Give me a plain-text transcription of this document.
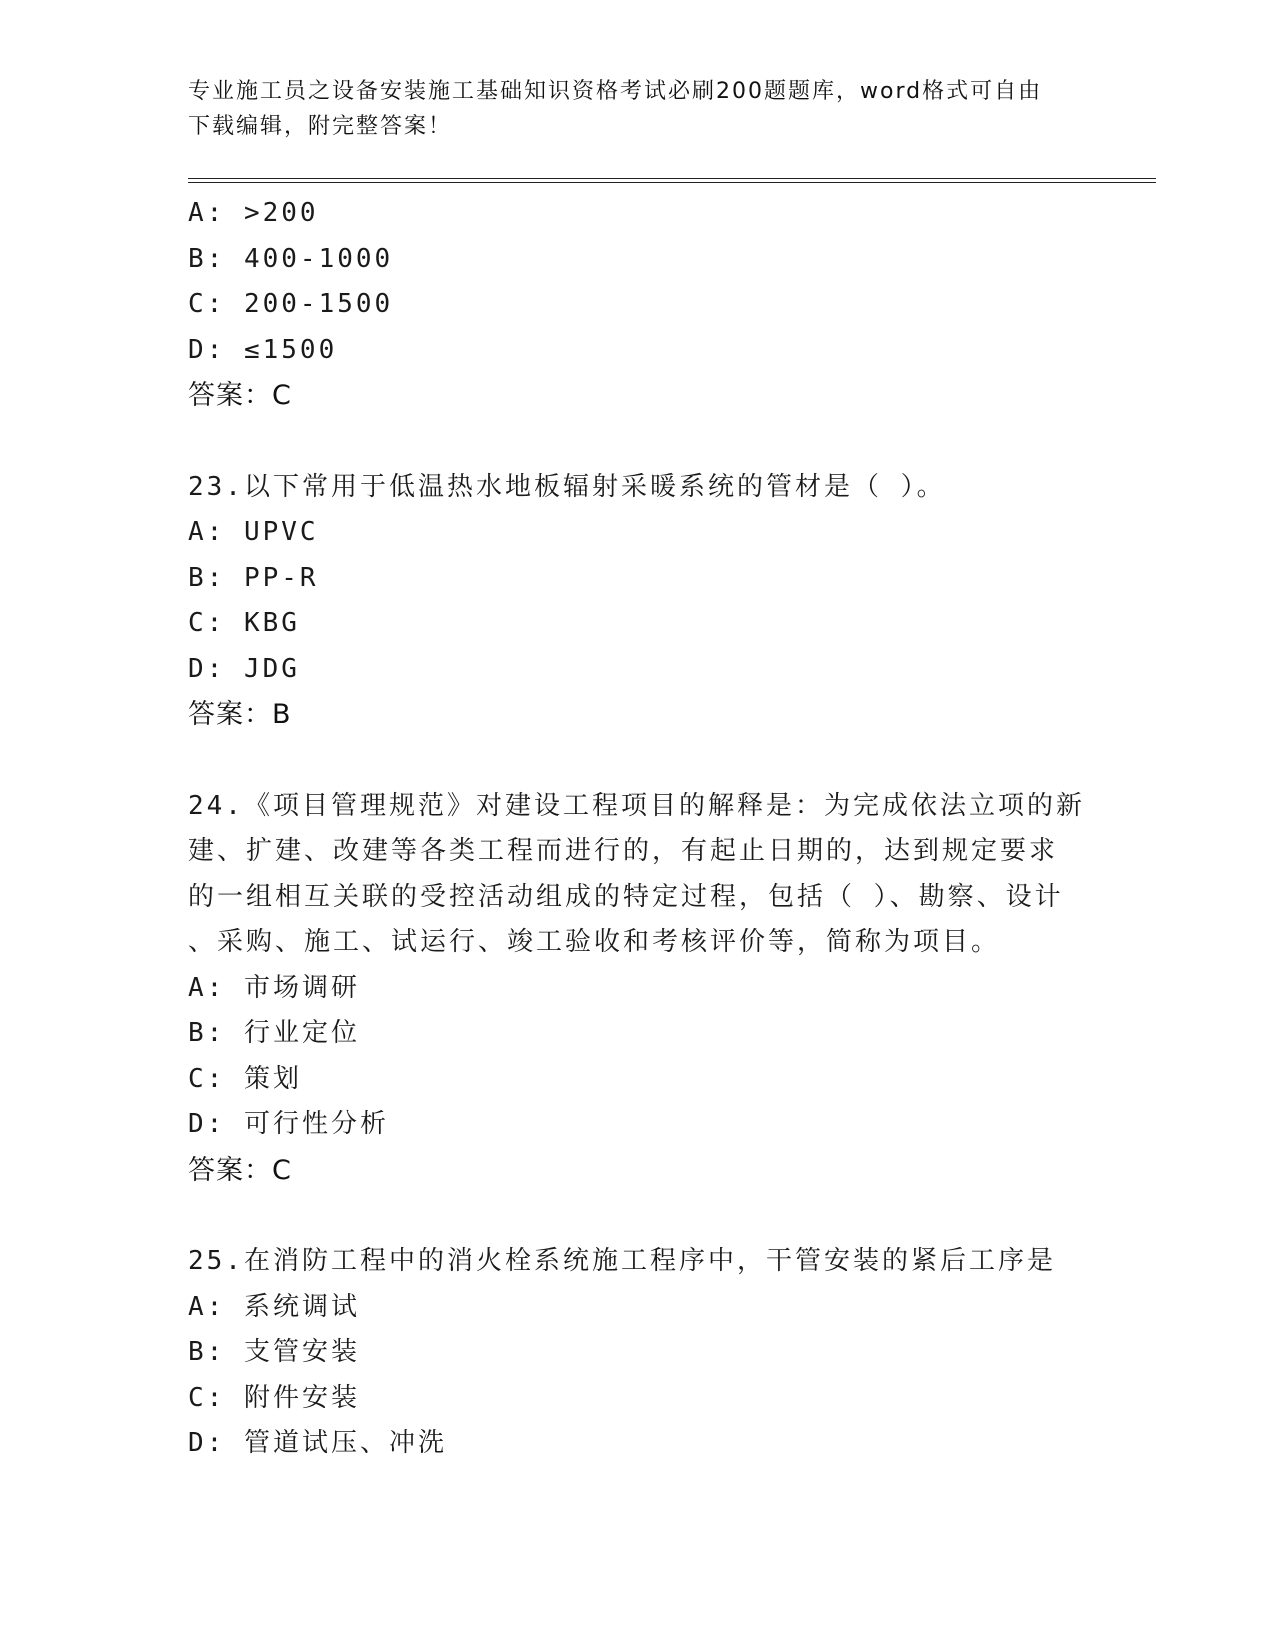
专业施工员之设备安装施工基础知识资格考试必刷200题题库，word格式可自由
下载编辑，附完整答案！
A: >200
B: 400-1000
C: 200-1500
D: ≤1500
答案：C
23.以下常用于低温热水地板辐射采暖系统的管材是（ ）。
A: UPVC
B: PP-R
C: KBG
D: JDG
答案：B
24.《项目管理规范》对建设工程项目的解释是：为完成依法立项的新
建、扩建、改建等各类工程而进行的，有起止日期的，达到规定要求
的一组相互关联的受控活动组成的特定过程，包括（ ）、勘察、设计
、采购、施工、试运行、竣工验收和考核评价等，简称为项目。
A: 市场调研
B: 行业定位
C: 策划
D: 可行性分析
答案：C
25.在消防工程中的消火栓系统施工程序中，干管安装的紧后工序是
A: 系统调试
B: 支管安装
C: 附件安装
D: 管道试压、冲洗
